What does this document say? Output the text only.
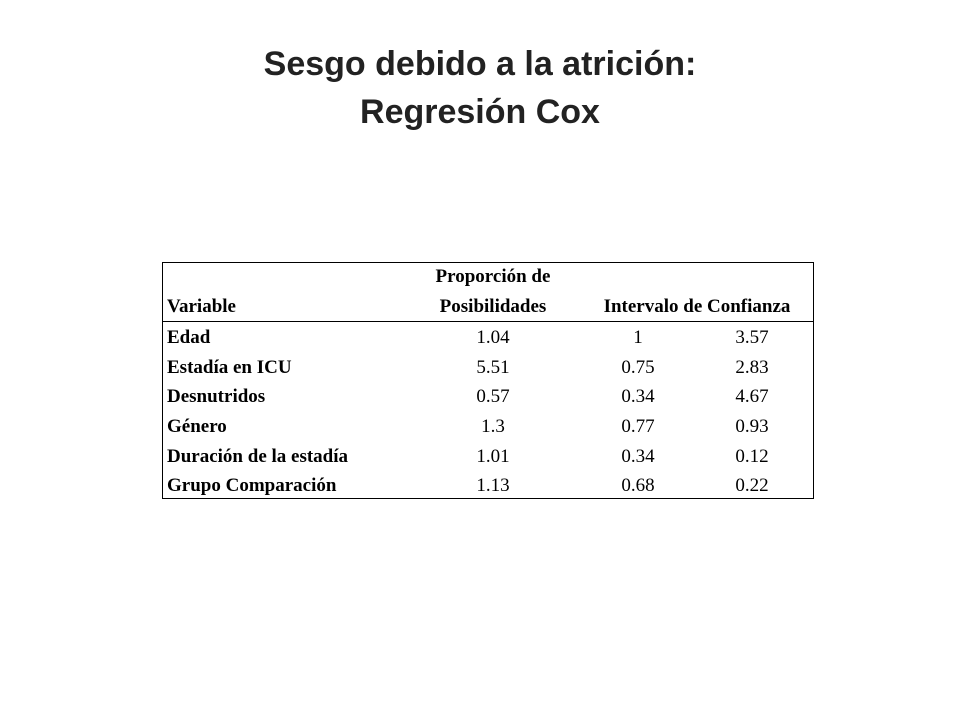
Sesgo debido a la atrición:
Regresión Cox
Proporción de
Variable	Posibilidades	Intervalo de Confianza
Edad	1.04	1	3.57
Estadía en ICU	5.51	0.75	2.83
Desnutridos	0.57	0.34	4.67
Género	1.3	0.77	0.93
Duración de la estadía	1.01	0.34	0.12
Grupo Comparación	1.13	0.68	0.22
